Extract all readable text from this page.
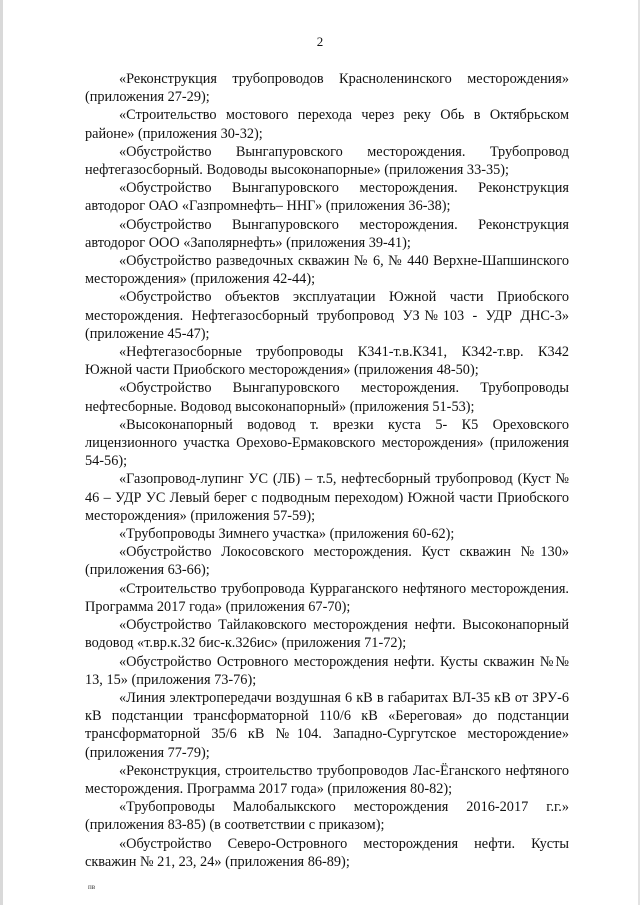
2

«Реконструкция трубопроводов Красноленинского месторождения» (приложения 27-29);

«Строительство мостового перехода через реку Обь в Октябрьском районе» (приложения 30-32);

«Обустройство Вынгапуровского месторождения. Трубопровод нефтегазосборный. Водоводы высоконапорные» (приложения 33-35);

«Обустройство Вынгапуровского месторождения. Реконструкция автодорог ОАО «Газпромнефть– ННГ» (приложения 36-38);

«Обустройство Вынгапуровского месторождения. Реконструкция автодорог ООО «Заполярнефть» (приложения 39-41);

«Обустройство разведочных скважин № 6, № 440 Верхне-Шапшинского месторождения» (приложения 42-44);

«Обустройство объектов эксплуатации Южной части Приобского месторождения. Нефтегазосборный трубопровод УЗ№103 - УДР ДНС-3» (приложение 45-47);

«Нефтегазосборные трубопроводы К341-т.в.К341, К342-т.вр. К342 Южной части Приобского месторождения» (приложения 48-50);

«Обустройство Вынгапуровского месторождения. Трубопроводы нефтесборные. Водовод высоконапорный» (приложения 51-53);

«Высоконапорный водовод т. врезки куста 5- К5 Ореховского лицензионного участка Орехово-Ермаковского месторождения» (приложения 54-56);

«Газопровод-лупинг УС (ЛБ) – т.5, нефтесборный трубопровод (Куст № 46 – УДР УС Левый берег с подводным переходом) Южной части Приобского месторождения» (приложения 57-59);

«Трубопроводы Зимнего участка» (приложения 60-62);

«Обустройство Локосовского месторождения. Куст скважин №130» (приложения 63-66);

«Строительство трубопровода Курраганского нефтяного месторождения. Программа 2017 года» (приложения 67-70);

«Обустройство Тайлаковского месторождения нефти. Высоконапорный водовод «т.вр.к.32 бис-к.326ис» (приложения 71-72);

«Обустройство Островного месторождения нефти. Кусты скважин №№ 13, 15» (приложения 73-76);

«Линия электропередачи воздушная 6 кВ в габаритах ВЛ-35 кВ от ЗРУ-6 кВ подстанции трансформаторной 110/6 кВ «Береговая» до подстанции трансформаторной 35/6 кВ №104. Западно-Сургутское месторождение» (приложения 77-79);

«Реконструкция, строительство трубопроводов Лас-Ёганского нефтяного месторождения. Программа 2017 года» (приложения 80-82);

«Трубопроводы Малобалыкского месторождения 2016-2017 г.г.» (приложения 83-85) (в соответствии с приказом);

«Обустройство Северо-Островного месторождения нефти. Кусты скважин № 21, 23, 24» (приложения 86-89);

пв
